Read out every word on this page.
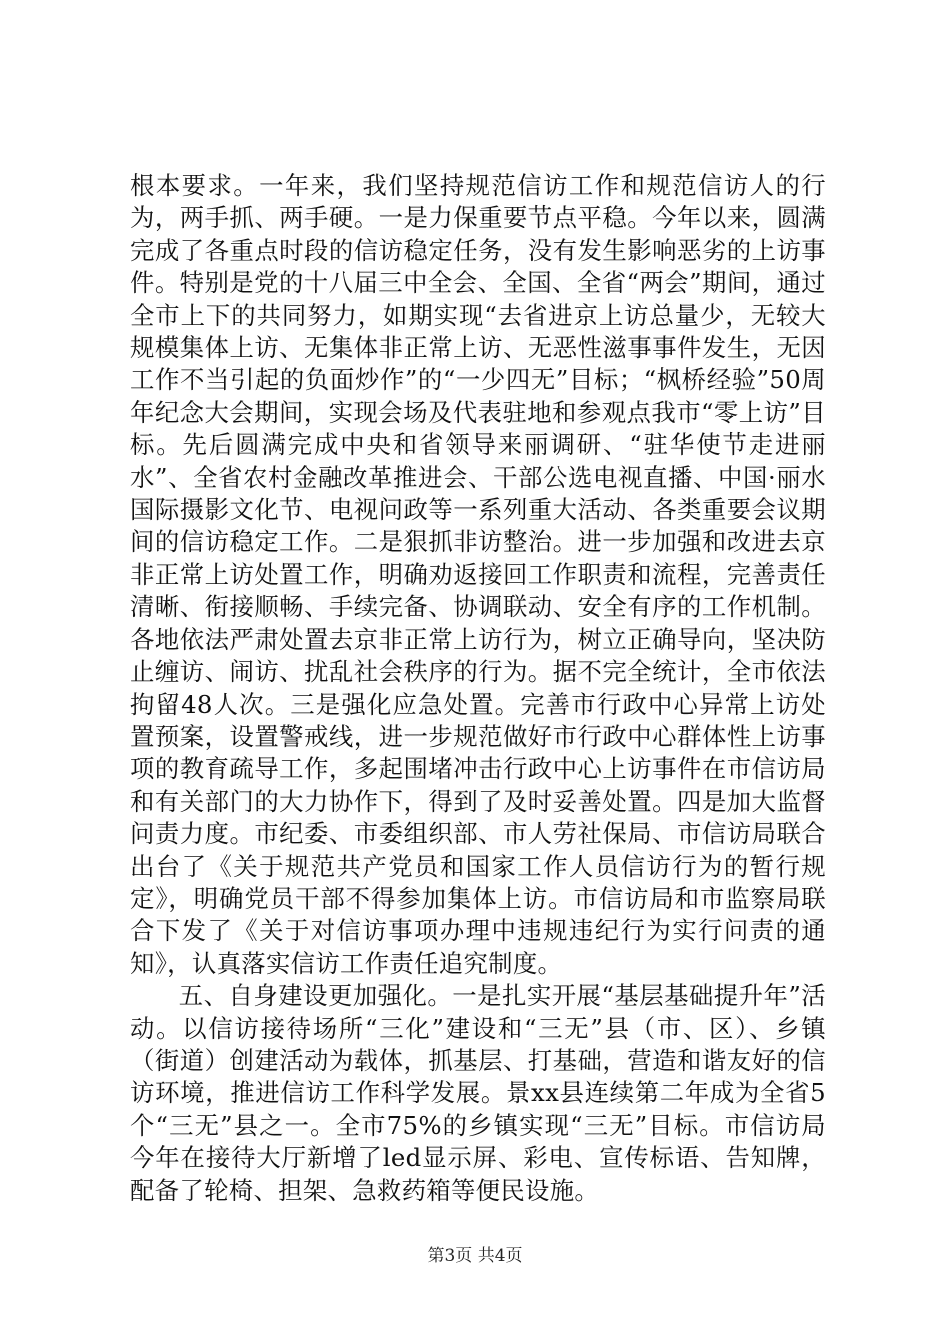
根本要求。一年来，我们坚持规范信访工作和规范信访人的行为，两手抓、两手硬。一是力保重要节点平稳。今年以来，圆满完成了各重点时段的信访稳定任务，没有发生影响恶劣的上访事件。特别是党的十八届三中全会、全国、全省“两会”期间，通过全市上下的共同努力，如期实现“去省进京上访总量少，无较大规模集体上访、无集体非正常上访、无恶性滋事事件发生，无因工作不当引起的负面炒作”的“一少四无”目标；“枫桥经验”50周年纪念大会期间，实现会场及代表驻地和参观点我市“零上访”目标。先后圆满完成中央和省领导来丽调研、“驻华使节走进丽水”、全省农村金融改革推进会、干部公选电视直播、中国·丽水国际摄影文化节、电视问政等一系列重大活动、各类重要会议期间的信访稳定工作。二是狠抓非访整治。进一步加强和改进去京非正常上访处置工作，明确劝返接回工作职责和流程，完善责任清晰、衔接顺畅、手续完备、协调联动、安全有序的工作机制。各地依法严肃处置去京非正常上访行为，树立正确导向，坚决防止缠访、闹访、扰乱社会秩序的行为。据不完全统计，全市依法拘留48人次。三是强化应急处置。完善市行政中心异常上访处置预案，设置警戒线，进一步规范做好市行政中心群体性上访事项的教育疏导工作，多起围堵冲击行政中心上访事件在市信访局和有关部门的大力协作下，得到了及时妥善处置。四是加大监督问责力度。市纪委、市委组织部、市人劳社保局、市信访局联合出台了《关于规范共产党员和国家工作人员信访行为的暂行规定》，明确党员干部不得参加集体上访。市信访局和市监察局联合下发了《关于对信访事项办理中违规违纪行为实行问责的通知》，认真落实信访工作责任追究制度。

五、自身建设更加强化。一是扎实开展“基层基础提升年”活动。以信访接待场所“三化”建设和“三无”县（市、区）、乡镇（街道）创建活动为载体，抓基层、打基础，营造和谐友好的信访环境，推进信访工作科学发展。景xx县连续第二年成为全省5个“三无”县之一。全市75%的乡镇实现“三无”目标。市信访局今年在接待大厅新增了led显示屏、彩电、宣传标语、告知牌，配备了轮椅、担架、急救药箱等便民设施。

第3页 共4页
